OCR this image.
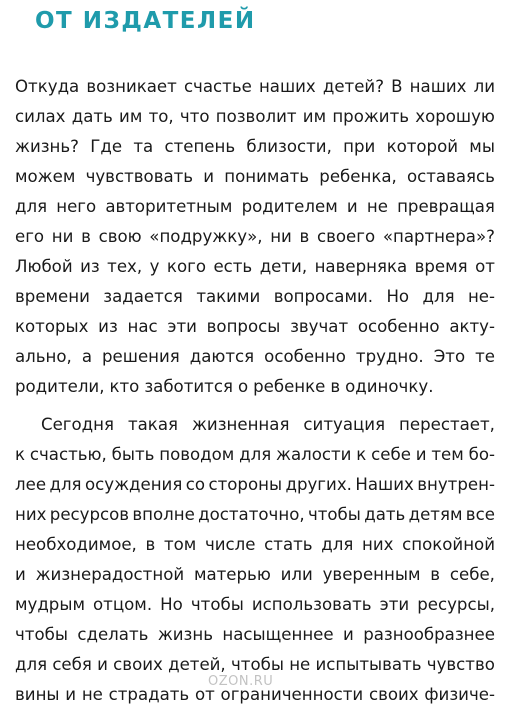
ОТ ИЗДАТЕЛЕЙ
Откуда возникает счастье наших детей? В наших ли
силах дать им то, что позволит им прожить хорошую
жизнь? Где та степень близости, при которой мы
можем чувствовать и понимать ребенка, оставаясь
для него авторитетным родителем и не превращая
его ни в свою «подружку», ни в своего «партнера»?
Любой из тех, у кого есть дети, наверняка время от
времени задается такими вопросами. Но для не-
которых из нас эти вопросы звучат особенно акту-
ально, а решения даются особенно трудно. Это те
родители, кто заботится о ребенке в одиночку.
Сегодня такая жизненная ситуация перестает,
к счастью, быть поводом для жалости к себе и тем бо-
лее для осуждения со стороны других. Наших внутрен-
них ресурсов вполне достаточно, чтобы дать детям все
необходимое, в том числе стать для них спокойной
и жизнерадостной матерью или уверенным в себе,
мудрым отцом. Но чтобы использовать эти ресурсы,
чтобы сделать жизнь насыщеннее и разнообразнее
для себя и своих детей, чтобы не испытывать чувство
вины и не страдать от ограниченности своих физиче-
OZON.RU
